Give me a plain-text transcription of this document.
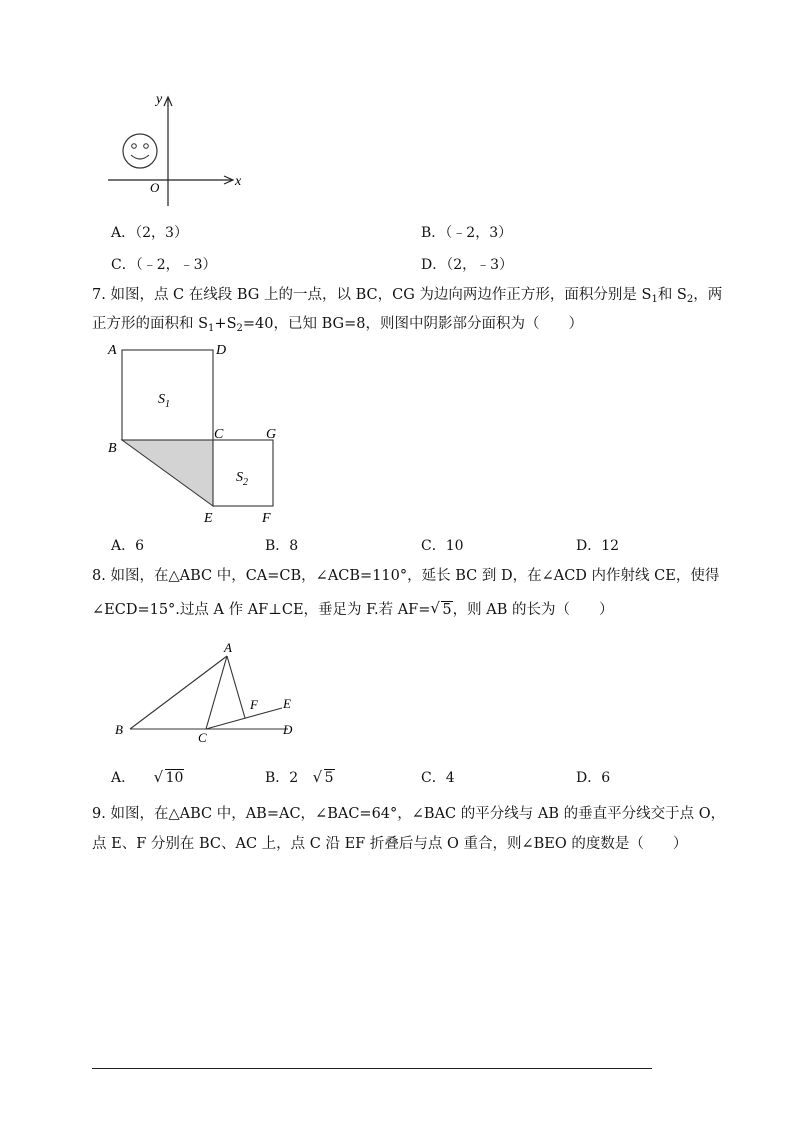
x
y
O
A．（2，3）	B．（﹣2，3）
C．（﹣2，﹣3）	D．（2，﹣3）
7. 如图，点 C 在线段 BG 上的一点，以 BC，CG 为边向两边作正方形，面积分别是 $S_1$和 $S_2$，两
正方形的面积和 $S_1+S_2=40$，已知 BG=8，则图中阴影部分面积为（　　）
A	D
B
C	G
E	F
$S_1$
$S_2$
A．6	B．8	C．10	D．12
8. 如图，在△ABC 中，CA=CB，∠ACB=110°，延长 BC 到 D，在∠ACD 内作射线 CE，使得
∠ECD=15°.过点 A 作 AF⊥CE，垂足为 F.若 AF= √ 5，则 AB 的长为（　　）
A
B
C
D
E
F
A． √ 10	B．2 √ 5	C．4	D．6
9. 如图，在△ABC 中，AB=AC，∠BAC=64°，∠BAC 的平分线与 AB 的垂直平分线交于点 O，
点 E、F 分别在 BC、AC 上，点 C 沿 EF 折叠后与点 O 重合，则∠BEO 的度数是（　　）
